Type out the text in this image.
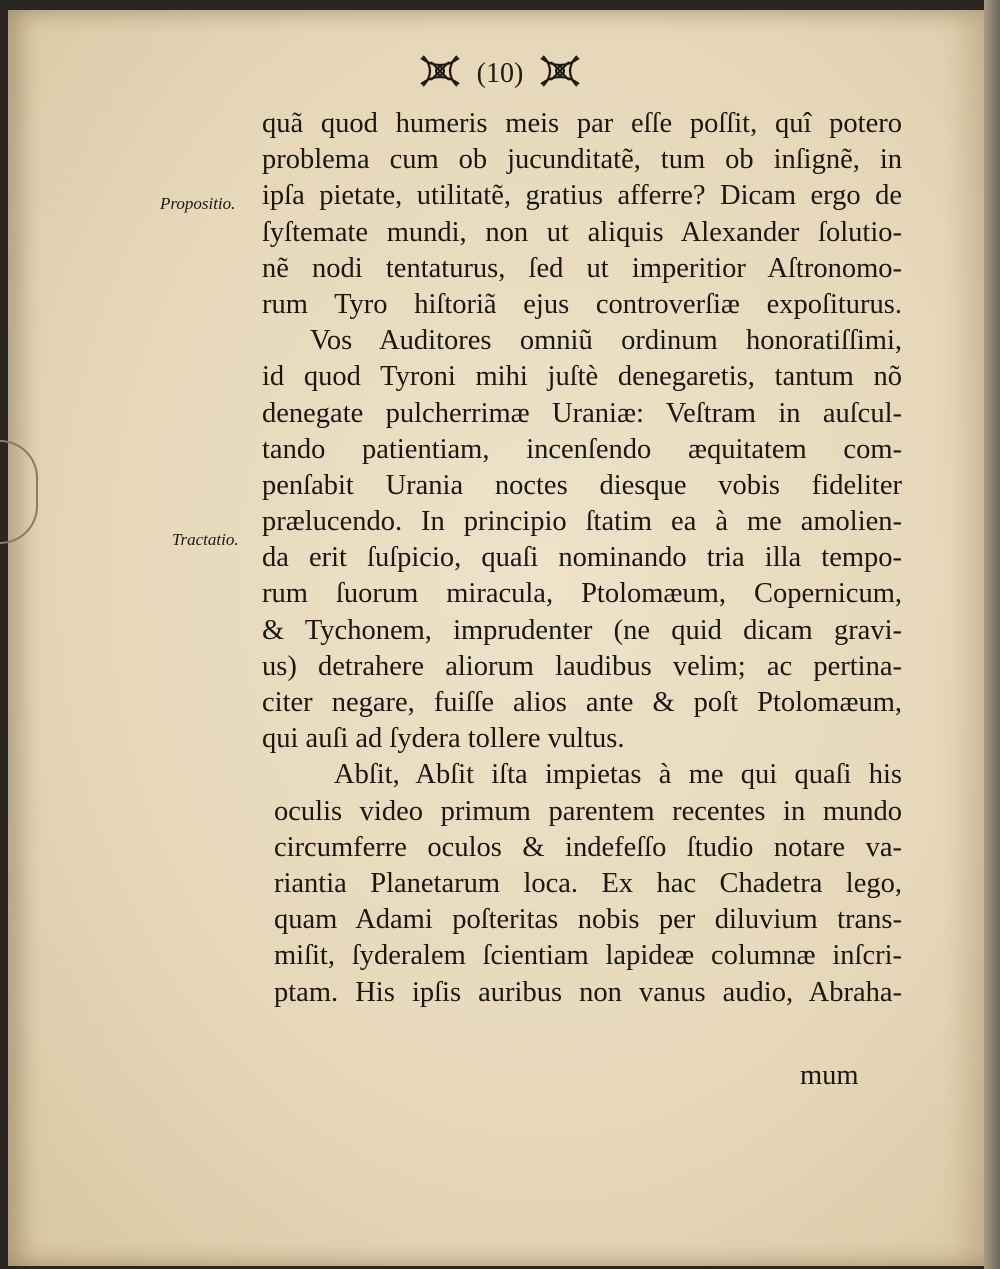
(10)
Propositio.
Tractatio.
quã quod humeris meis par eſſe poſſit, quî potero
problema cum ob jucunditatẽ, tum ob inſignẽ, in
ipſa pietate, utilitatẽ, gratius afferre? Dicam ergo de
ſyſtemate mundi, non ut aliquis Alexander ſolutio-
nẽ nodi tentaturus, ſed ut imperitior Aſtronomo-
rum Tyro hiſtoriã ejus controverſiæ expoſiturus.
Vos Auditores omniũ ordinum honoratiſſimi,
id quod Tyroni mihi juſtè denegaretis, tantum nõ
denegate pulcherrimæ Uraniæ: Veſtram in auſcul-
tando patientiam, incenſendo æquitatem com-
penſabit Urania noctes diesque vobis fideliter
prælucendo. In principio ſtatim ea à me amolien-
da erit ſuſpicio, quaſi nominando tria illa tempo-
rum ſuorum miracula, Ptolomæum, Copernicum,
& Tychonem, imprudenter (ne quid dicam gravi-
us) detrahere aliorum laudibus velim; ac pertina-
citer negare, fuiſſe alios ante & poſt Ptolomæum,
qui auſi ad ſydera tollere vultus.
Abſit, Abſit iſta impietas à me qui quaſi his
oculis video primum parentem recentes in mundo
circumferre oculos & indefeſſo ſtudio notare va-
riantia Planetarum loca. Ex hac Chadetra lego,
quam Adami poſteritas nobis per diluvium trans-
miſit, ſyderalem ſcientiam lapideæ columnæ inſcri-
ptam. His ipſis auribus non vanus audio, Abraha-
mum
